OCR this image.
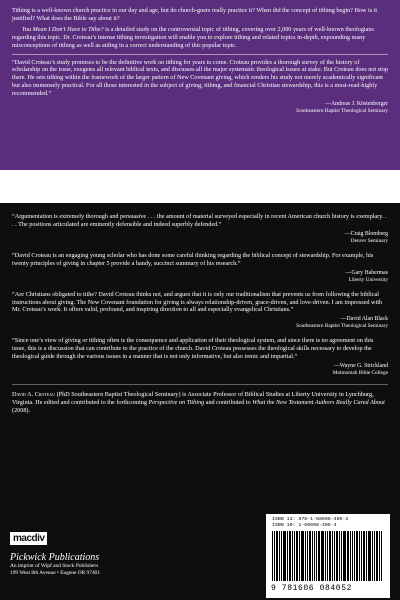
Tithing is a well-known church practice in our day and age, but do church-goers really practice it? When did the concept of tithing begin? How is it justified? What does the Bible say about it?

You Mean I Don’t Have to Tithe? is a detailed study on the controversial topic of tithing, covering over 2,000 years of well-known theologians regarding this topic. Dr. Croteau’s intense tithing investigation will enable you to explore tithing and related topics in-depth, expounding many misconceptions of tithing as well as aiding in a correct understanding of this popular topic.

“David Croteau’s study promises to be the definitive work on tithing for years to come. Croteau provides a thorough survey of the history of scholarship on the issue, exegetes all relevant biblical texts, and discusses all the major systematic theological issues at stake. But Croteau does not stop there. He sets tithing within the framework of the larger pattern of New Covenant giving, which renders his study not merely academically significant but also immensely practical. For all those interested in the subject of giving, tithing, and financial Christian stewardship, this is a must-read-highly recommended.”

—Andreas J. Köstenberger
Southeastern Baptist Theological Seminary

“Argumentation is extremely thorough and persuasive . . . the amount of material surveyed especially in recent American church history is exemplary. . . . The positions articulated are eminently defensible and indeed superbly defended.”

—Craig Blomberg
Denver Seminary

“David Croteau is an engaging young scholar who has done some careful thinking regarding the biblical concept of stewardship. For example, his twenty principles of giving in chapter 5 provide a handy, succinct summary of his research.”

—Gary Habermas
Liberty University

“Are Christians obligated to tithe? David Croteau thinks not, and argues that it is only our traditionalism that prevents us from following the biblical instructions about giving. The New Covenant foundation for giving is always relationship-driven, grace-driven, and love-driven. I am impressed with Mr. Croteau’s work. It offers valid, profound, and inspiring direction to all and especially evangelical Christians.”

—David Alan Black
Southeastern Baptist Theological Seminary

“Since one’s view of giving or tithing often is the consequence and application of their theological system, and since there is no agreement on this issue, this is a discussion that can contribute to the practice of the church. David Croteau possesses the theological skills necessary to develop the theological guide through the various issues in a manner that is not only informative, but also irenic and impartial.”

—Wayne G. Strickland
Multnomah Bible College

David A. Croteau (PhD Southeastern Baptist Theological Seminary) is Associate Professor of Biblical Studies at Liberty University in Lynchburg, Virginia. He edited and contributed to the forthcoming Perspective on Tithing and contributed to What the New Testament Authors Really Cared About (2008).

macdiv
Pickwick Publications
An imprint of Wipf and Stock Publishers
199 West 8th Avenue • Eugene OR 97401
ISBN 13: 978-1-60608-405-2
ISBN 10: 1-60608-405-4
9 781606 084052
